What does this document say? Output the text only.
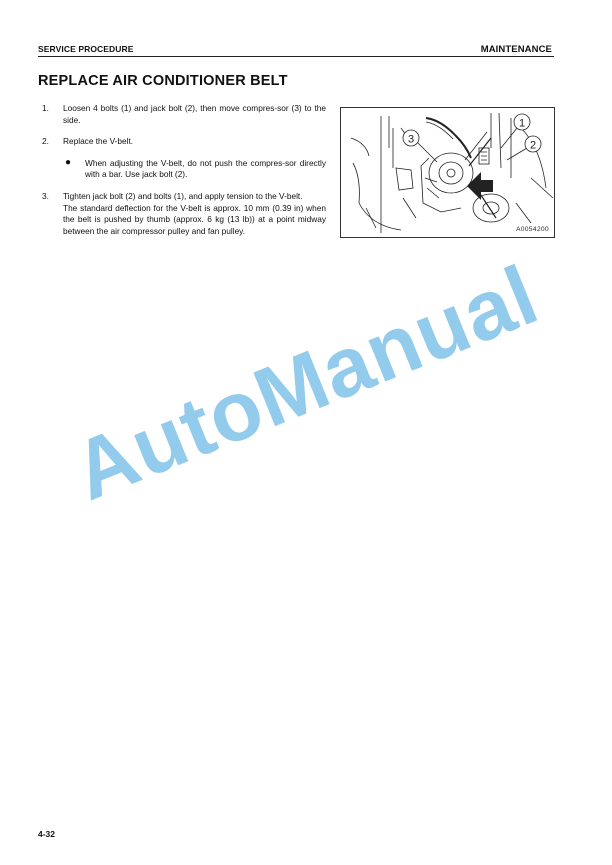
SERVICE PROCEDURE	MAINTENANCE
REPLACE AIR CONDITIONER BELT
1. Loosen 4 bolts (1) and jack bolt (2), then move compres-sor (3) to the side.
2. Replace the V-belt.
● When adjusting the V-belt, do not push the compres-sor directly with a bar. Use jack bolt (2).
3. Tighten jack bolt (2) and bolts (1), and apply tension to the V-belt.
The standard deflection for the V-belt is approx. 10 mm (0.39 in) when the belt is pushed by thumb (approx. 6 kg (13 lb)) at a point midway between the air compressor pulley and fan pulley.
1
2
3
A0054200
AutoManual
4-32
